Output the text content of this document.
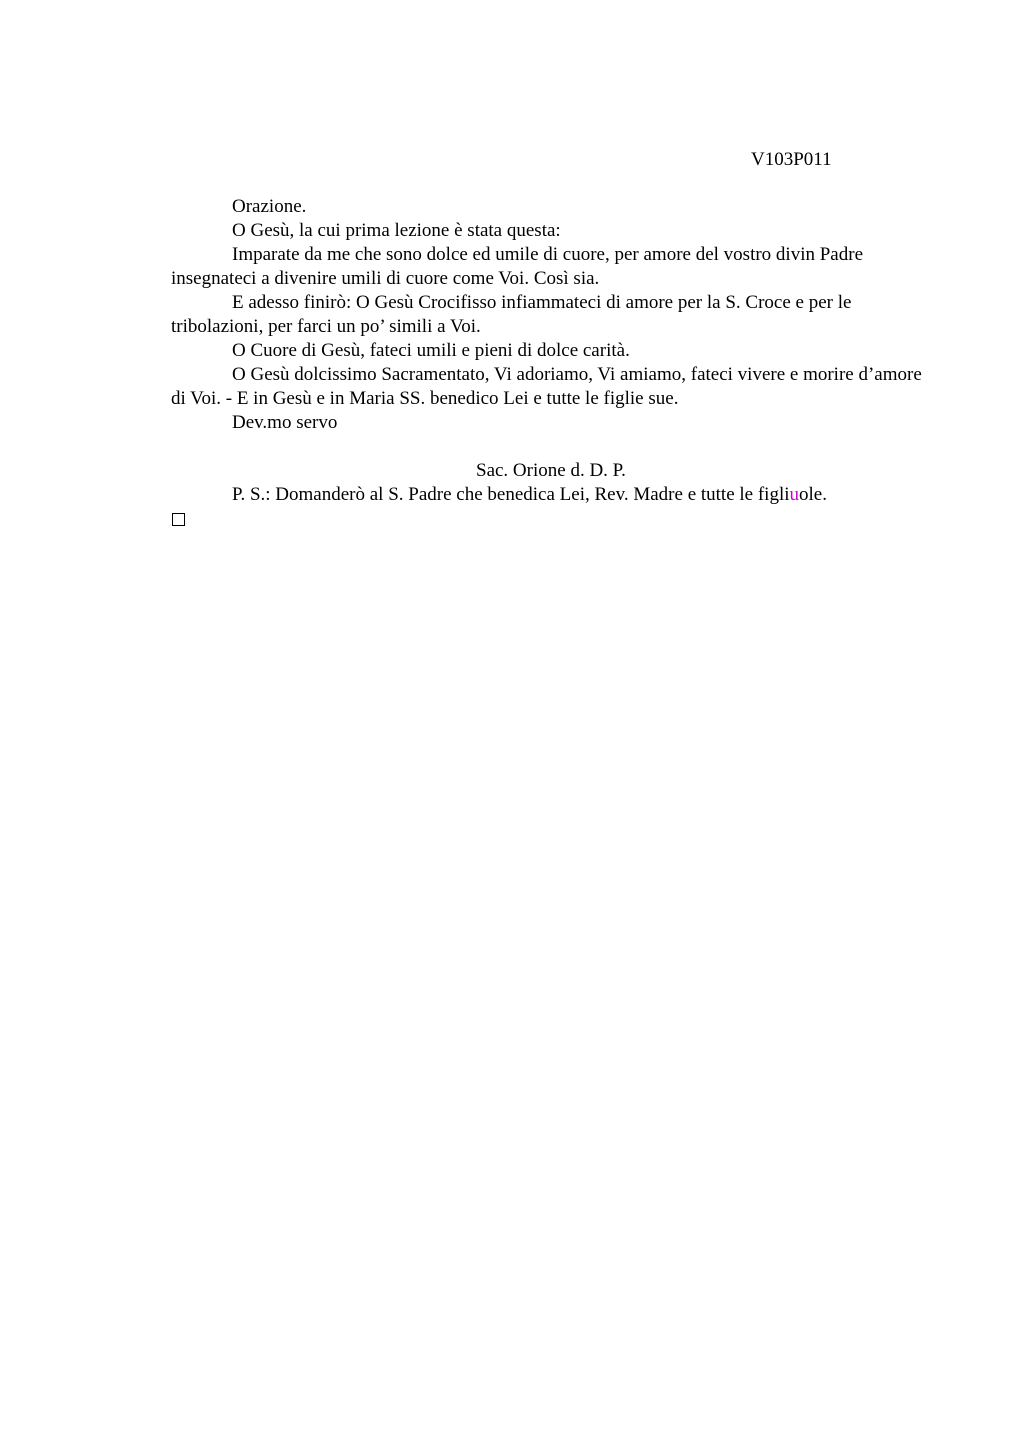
V103P011

Orazione.

O Gesù, la cui prima lezione è stata questa:

Imparate da me che sono dolce ed umile di cuore, per amore del vostro divin Padre insegnateci a divenire umili di cuore come Voi. Così sia.

E adesso finirò: O Gesù Crocifisso infiammateci di amore per la S. Croce e per le tribolazioni, per farci un po’ simili a Voi.

O Cuore di Gesù, fateci umili e pieni di dolce carità.

O Gesù dolcissimo Sacramentato, Vi adoriamo, Vi amiamo, fateci vivere e morire d’amore di Voi. - E in Gesù e in Maria SS. benedico Lei e tutte le figlie sue.

Dev.mo servo

Sac. Orione d. D. P.

P. S.: Domanderò al S. Padre che benedica Lei, Rev. Madre e tutte le figliuole.
